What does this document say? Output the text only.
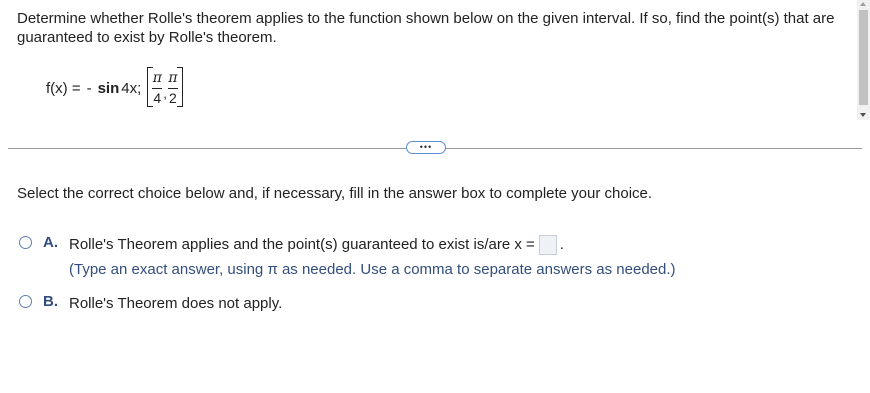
Determine whether Rolle's theorem applies to the function shown below on the given interval. If so, find the point(s) that are guaranteed to exist by Rolle's theorem.
f(x) = - sin 4x; $\frac{\pi}{4}$ , $\frac{\pi}{2}$
•••
Select the correct choice below and, if necessary, fill in the answer box to complete your choice.
A. Rolle's Theorem applies and the point(s) guaranteed to exist is/are x = .
(Type an exact answer, using π as needed. Use a comma to separate answers as needed.)
B. Rolle's Theorem does not apply.
